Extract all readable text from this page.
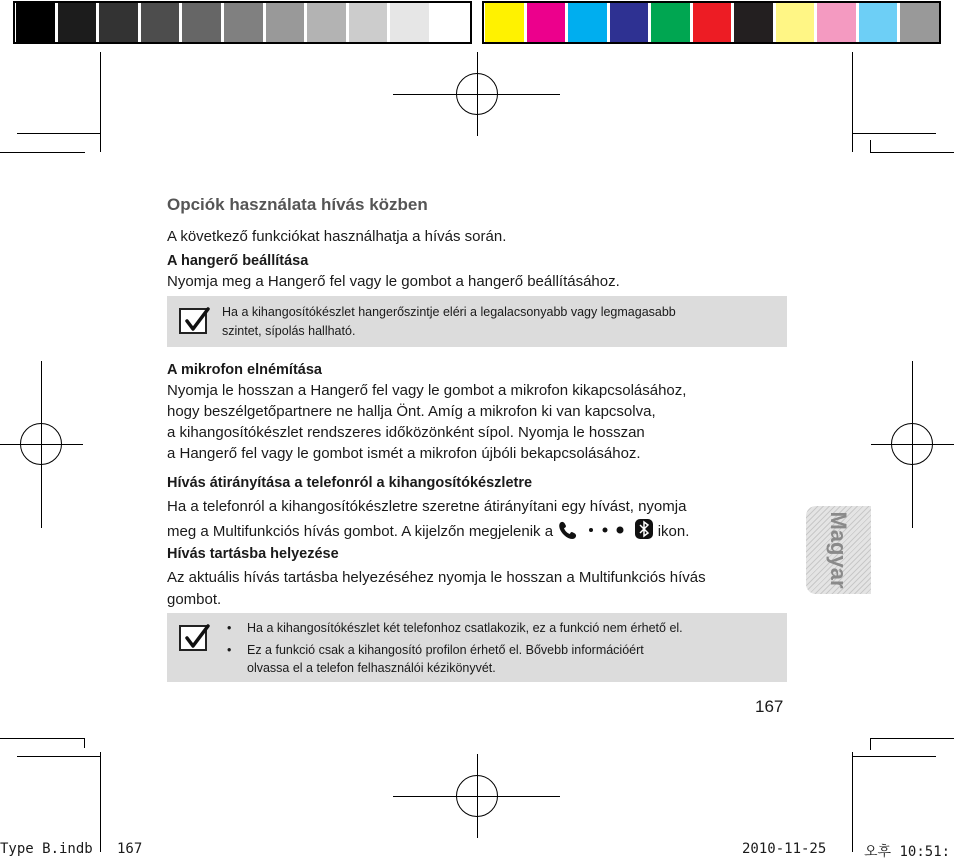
Opciók használata hívás közben
A következő funkciókat használhatja a hívás során.
A hangerő beállítása
Nyomja meg a Hangerő fel vagy le gombot a hangerő beállításához.
Ha a kihangosítókészlet hangerőszintje eléri a legalacsonyabb vagy legmagasabb
szintet, sípolás hallható.
A mikrofon elnémítása
Nyomja le hosszan a Hangerő fel vagy le gombot a mikrofon kikapcsolásához,
hogy beszélgetőpartnere ne hallja Önt. Amíg a mikrofon ki van kapcsolva,
a kihangosítókészlet rendszeres időközönként sípol. Nyomja le hosszan
a Hangerő fel vagy le gombot ismét a mikrofon újbóli bekapcsolásához.
Hívás átirányítása a telefonról a kihangosítókészletre
Ha a telefonról a kihangosítókészletre szeretne átirányítani egy hívást, nyomja
meg a Multifunkciós hívás gombot. A kijelzőn megjelenik a	ikon.
Hívás tartásba helyezése
Az aktuális hívás tartásba helyezéséhez nyomja le hosszan a Multifunkciós hívás
gombot.
• Ha a kihangosítókészlet két telefonhoz csatlakozik, ez a funkció nem érhető el.
• Ez a funkció csak a kihangosító profilon érhető el. Bővebb információért
olvassa el a telefon felhasználói kézikönyvét.
Magyar
167
Type B.indb 167	2010-11-25	오후 10:51:
